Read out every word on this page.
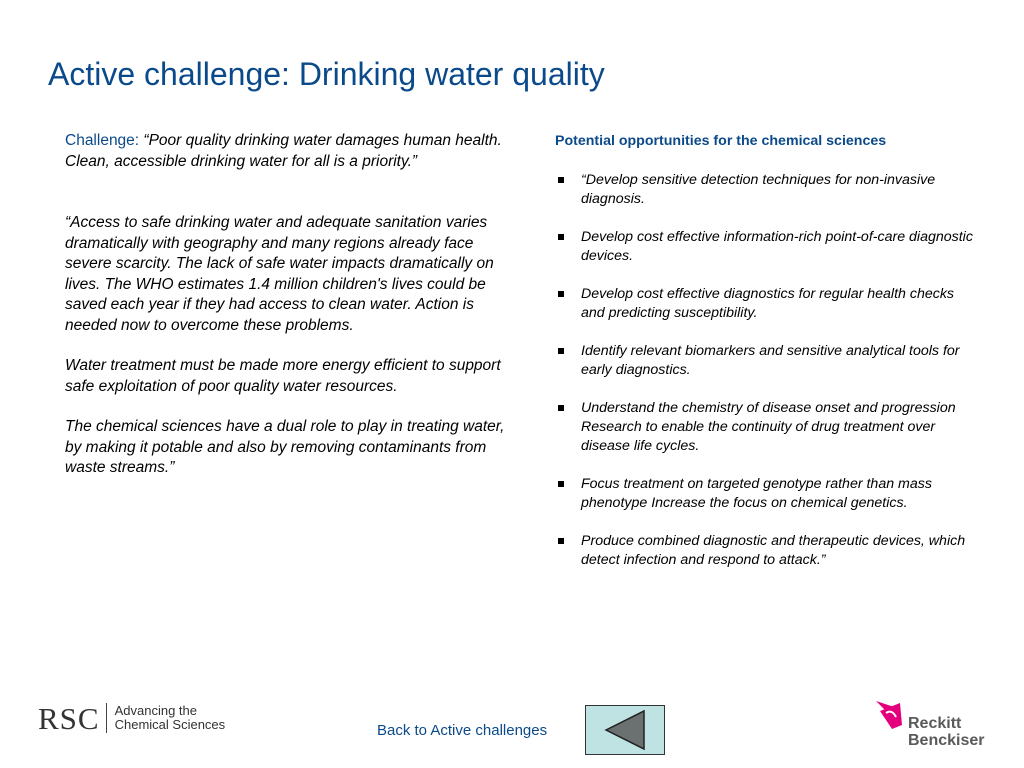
Active challenge: Drinking water quality

Challenge: “Poor quality drinking water damages human health. Clean, accessible drinking water for all is a priority.”

“Access to safe drinking water and adequate sanitation varies dramatically with geography and many regions already face severe scarcity. The lack of safe water impacts dramatically on lives. The WHO estimates 1.4 million children's lives could be saved each year if they had access to clean water. Action is needed now to overcome these problems.

Water treatment must be made more energy efficient to support safe exploitation of poor quality water resources.

The chemical sciences have a dual role to play in treating water, by making it potable and also by removing contaminants from waste streams.”

Potential opportunities for the chemical sciences

“Develop sensitive detection techniques for non-invasive diagnosis.
Develop cost effective information-rich point-of-care diagnostic devices.
Develop cost effective diagnostics for regular health checks and predicting susceptibility.
Identify relevant biomarkers and sensitive analytical tools for early diagnostics.
Understand the chemistry of disease onset and progression Research to enable the continuity of drug treatment over disease life cycles.
Focus treatment on targeted genotype rather than mass phenotype Increase the focus on chemical genetics.
Produce combined diagnostic and therapeutic devices, which detect infection and respond to attack.”
RSC Advancing the
Chemical Sciences	Back to Active challenges	Reckitt
Benckiser
